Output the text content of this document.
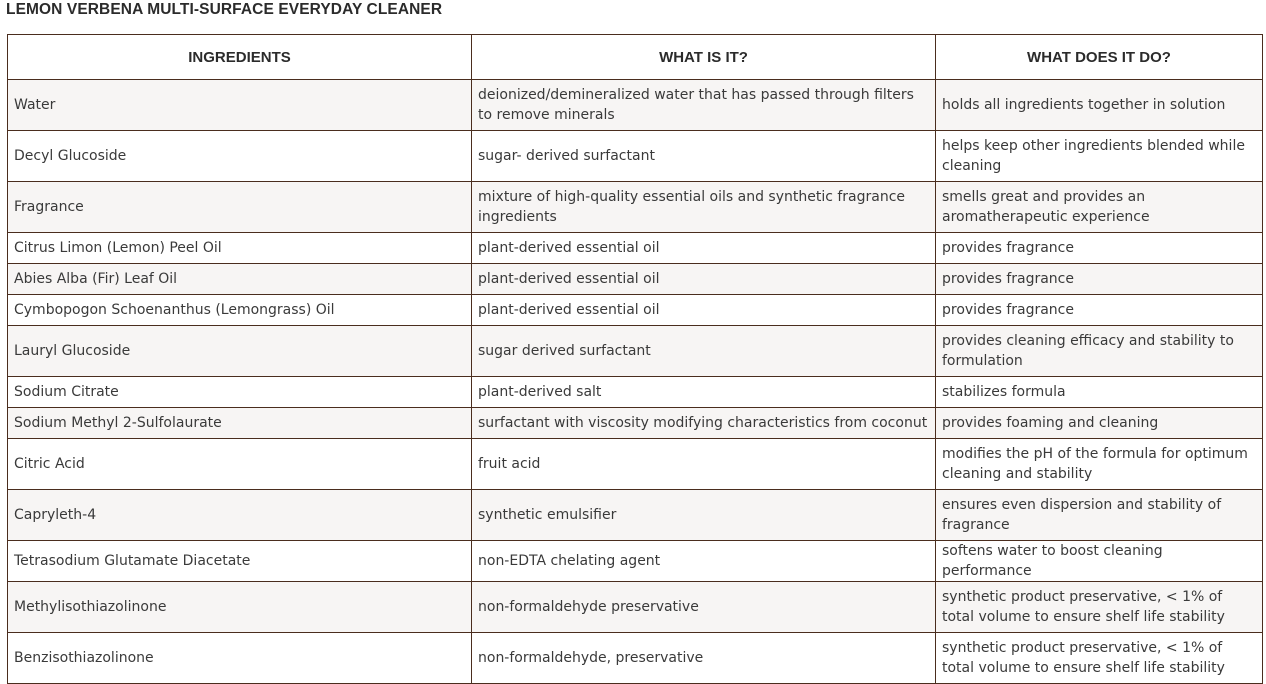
LEMON VERBENA MULTI-SURFACE EVERYDAY CLEANER
INGREDIENTS	WHAT IS IT?	WHAT DOES IT DO?
Water	deionized/demineralized water that has passed through filters to remove minerals	holds all ingredients together in solution
Decyl Glucoside	sugar- derived surfactant	helps keep other ingredients blended while cleaning
Fragrance	mixture of high-quality essential oils and synthetic fragrance ingredients	smells great and provides an aromatherapeutic experience
Citrus Limon (Lemon) Peel Oil	plant-derived essential oil	provides fragrance
Abies Alba (Fir) Leaf Oil	plant-derived essential oil	provides fragrance
Cymbopogon Schoenanthus (Lemongrass) Oil	plant-derived essential oil	provides fragrance
Lauryl Glucoside	sugar derived surfactant	provides cleaning efficacy and stability to formulation
Sodium Citrate	plant-derived salt	stabilizes formula
Sodium Methyl 2-Sulfolaurate	surfactant with viscosity modifying characteristics from coconut	provides foaming and cleaning
Citric Acid	fruit acid	modifies the pH of the formula for optimum cleaning and stability
Capryleth-4	synthetic emulsifier	ensures even dispersion and stability of fragrance
Tetrasodium Glutamate Diacetate	non-EDTA chelating agent	softens water to boost cleaning performance
Methylisothiazolinone	non-formaldehyde preservative	synthetic product preservative, < 1% of total volume to ensure shelf life stability
Benzisothiazolinone	non-formaldehyde, preservative	synthetic product preservative, < 1% of total volume to ensure shelf life stability
